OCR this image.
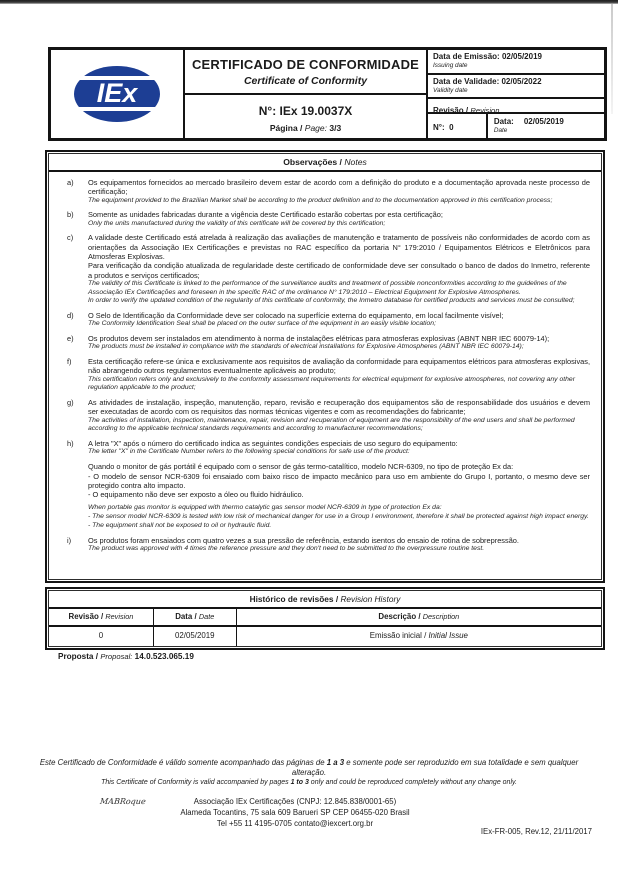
IEx
CERTIFICADO DE CONFORMIDADE
Certificate of Conformity
N°: IEx 19.0037X
Página / Page: 3/3
Data de Emissão: 02/05/2019
Issuing date
Data de Validade: 02/05/2022
Validity date
Revisão / Revision
N°: 0
Data: 02/05/2019
Date
Observações / Notes
a)	Os equipamentos fornecidos ao mercado brasileiro devem estar de acordo com a definição do produto e a documentação aprovada neste processo de certificação;
The equipment provided to the Brazilian Market shall be according to the product definition and to the documentation approved in this certification process;
b)	Somente as unidades fabricadas durante a vigência deste Certificado estarão cobertas por esta certificação;
Only the units manufactured during the validity of this certificate will be covered by this certification;
c)	A validade deste Certificado está atrelada à realização das avaliações de manutenção e tratamento de possíveis não conformidades de acordo com as orientações da Associação IEx Certificações e previstas no RAC específico da portaria N° 179:2010 / Equipamentos Elétricos e Eletrônicos para Atmosferas Explosivas.
Para verificação da condição atualizada de regularidade deste certificado de conformidade deve ser consultado o banco de dados do Inmetro, referente a produtos e serviços certificados;
The validity of this Certificate is linked to the performance of the surveillance audits and treatment of possible nonconformities according to the guidelines of the Associação IEx Certificações and foreseen in the specific RAC of the ordinance N° 179:2010 – Electrical Equipment for Explosive Atmospheres.
In order to verify the updated condition of the regularity of this certificate of conformity, the Inmetro database for certified products and services must be consulted;
d)	O Selo de Identificação da Conformidade deve ser colocado na superfície externa do equipamento, em local facilmente visível;
The Conformity Identification Seal shall be placed on the outer surface of the equipment in an easily visible location;
e)	Os produtos devem ser instalados em atendimento à norma de instalações elétricas para atmosferas explosivas (ABNT NBR IEC 60079-14);
The products must be installed in compliance with the standards of electrical installations for Explosive Atmospheres (ABNT NBR IEC 60079-14);
f)	Esta certificação refere-se única e exclusivamente aos requisitos de avaliação da conformidade para equipamentos elétricos para atmosferas explosivas, não abrangendo outros regulamentos eventualmente aplicáveis ao produto;
This certification refers only and exclusively to the conformity assessment requirements for electrical equipment for explosive atmospheres, not covering any other regulation applicable to the product;
g)	As atividades de instalação, inspeção, manutenção, reparo, revisão e recuperação dos equipamentos são de responsabilidade dos usuários e devem ser executadas de acordo com os requisitos das normas técnicas vigentes e com as recomendações do fabricante;
The activities of installation, inspection, maintenance, repair, revision and recuperation of equipment are the responsibility of the end users and shall be performed according to the applicable technical standards requirements and according to manufacturer recommendations;
h)	A letra "X" após o número do certificado indica as seguintes condições especiais de uso seguro do equipamento:
The letter "X" in the Certificate Number refers to the following special conditions for safe use of the product:
Quando o monitor de gás portátil é equipado com o sensor de gás termo-catalítico, modelo NCR-6309, no tipo de proteção Ex da:
- O modelo de sensor NCR-6309 foi ensaiado com baixo risco de impacto mecânico para uso em ambiente do Grupo I, portanto, o mesmo deve ser protegido contra alto impacto.
- O equipamento não deve ser exposto a óleo ou fluido hidráulico.
When portable gas monitor is equipped with thermo catalytic gas sensor model NCR-6309 in type of protection Ex da:
- The sensor model NCR-6309 is tested with low risk of mechanical danger for use in a Group I environment, therefore it shall be protected against high impact energy.
- The equipment shall not be exposed to oil or hydraulic fluid.
i)	Os produtos foram ensaiados com quatro vezes a sua pressão de referência, estando isentos do ensaio de rotina de sobrepressão.
The product was approved with 4 times the reference pressure and they don't need to be submitted to the overpressure routine test.
Histórico de revisões / Revision History
Revisão / Revision	Data / Date	Descrição / Description
0	02/05/2019	Emissão inicial / Initial Issue
Proposta / Proposal: 14.0.523.065.19
Este Certificado de Conformidade é válido somente acompanhado das páginas de 1 a 3 e somente pode ser reproduzido em sua totalidade e sem qualquer alteração.
This Certificate of Conformity is valid accompanied by pages 1 to 3 only and could be reproduced completely without any change only.
MABRoque	Associação IEx Certificações (CNPJ: 12.845.838/0001-65)
Alameda Tocantins, 75 sala 609 Barueri SP CEP 06455-020 Brasil
Tel +55 11 4195-0705 contato@iexcert.org.br
IEx-FR-005, Rev.12, 21/11/2017
